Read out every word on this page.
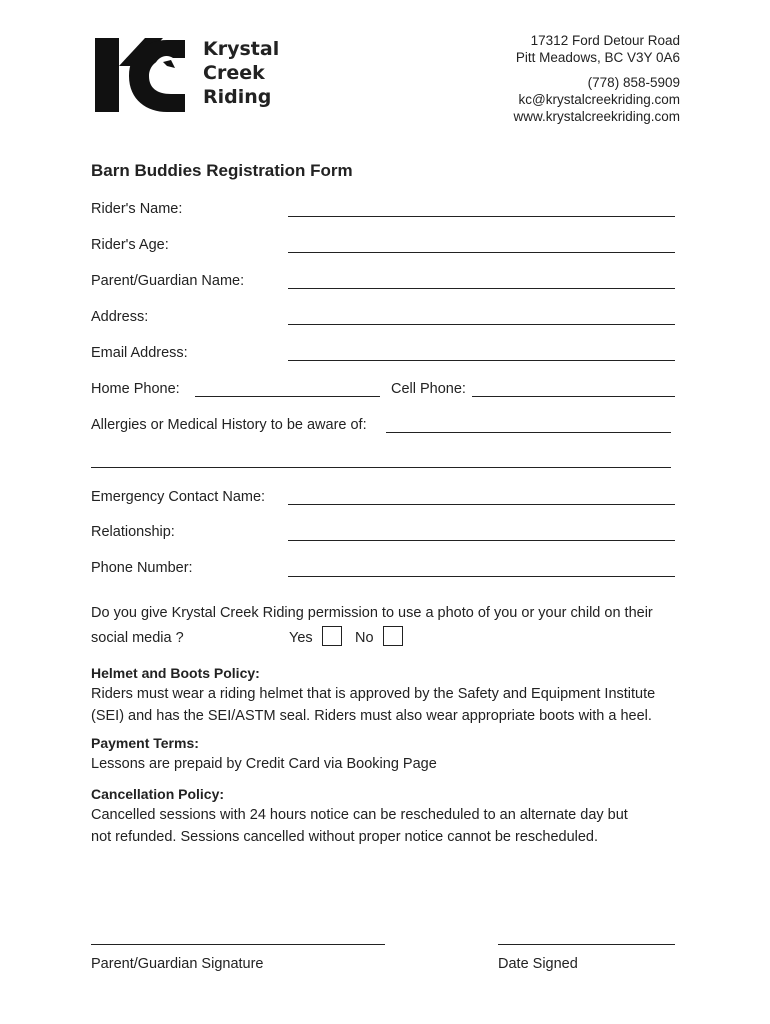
Krystal
Creek
Riding
17312 Ford Detour Road
Pitt Meadows, BC V3Y 0A6
(778) 858-5909
kc@krystalcreekriding.com
www.krystalcreekriding.com
Barn Buddies Registration Form
Rider's Name:
Rider's Age:
Parent/Guardian Name:
Address:
Email Address:
Home Phone:	Cell Phone:
Allergies or Medical History to be aware of:
Emergency Contact Name:
Relationship:
Phone Number:
Do you give Krystal Creek Riding permission to use a photo of you or your child on their
social media ?	Yes	No
Helmet and Boots Policy:
Riders must wear a riding helmet that is approved by the Safety and Equipment Institute
(SEI) and has the SEI/ASTM seal. Riders must also wear appropriate boots with a heel.
Payment Terms:
Lessons are prepaid by Credit Card via Booking Page
Cancellation Policy:
Cancelled sessions with 24 hours notice can be rescheduled to an alternate day but
not refunded. Sessions cancelled without proper notice cannot be rescheduled.
Parent/Guardian Signature	Date Signed
